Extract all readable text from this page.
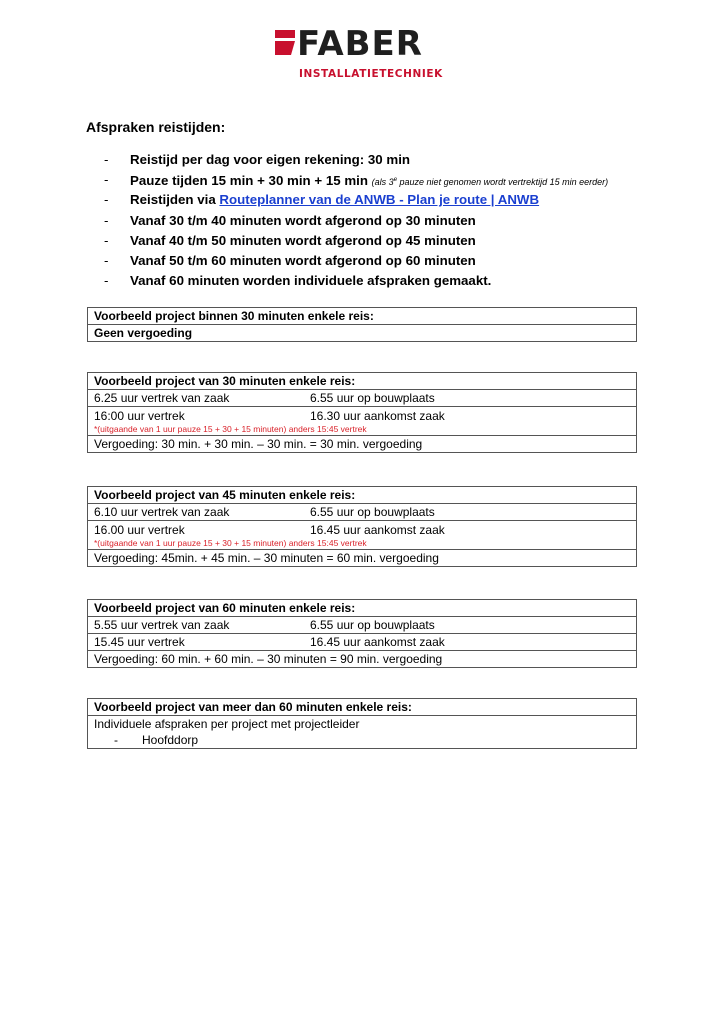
FABER
INSTALLATIETECHNIEK
Afspraken reistijden:
- Reistijd per dag voor eigen rekening: 30 min
- Pauze tijden 15 min + 30 min + 15 min (als 3e pauze niet genomen wordt vertrektijd 15 min eerder)
- Reistijden via Routeplanner van de ANWB - Plan je route | ANWB
- Vanaf 30 t/m 40 minuten wordt afgerond op 30 minuten
- Vanaf 40 t/m 50 minuten wordt afgerond op 45 minuten
- Vanaf 50 t/m 60 minuten wordt afgerond op 60 minuten
- Vanaf 60 minuten worden individuele afspraken gemaakt.
Voorbeeld project binnen 30 minuten enkele reis:
Geen vergoeding
Voorbeeld project van 30 minuten enkele reis:
6.25 uur vertrek van zaak	6.55 uur op bouwplaats
16:00 uur vertrek	16.30 uur aankomst zaak
*(uitgaande van 1 uur pauze 15 + 30 + 15 minuten) anders 15:45 vertrek
Vergoeding: 30 min. + 30 min. – 30 min. = 30 min. vergoeding
Voorbeeld project van 45 minuten enkele reis:
6.10 uur vertrek van zaak	6.55 uur op bouwplaats
16.00 uur vertrek	16.45 uur aankomst zaak
*(uitgaande van 1 uur pauze 15 + 30 + 15 minuten) anders 15:45 vertrek
Vergoeding: 45min. + 45 min. – 30 minuten = 60 min. vergoeding
Voorbeeld project van 60 minuten enkele reis:
5.55 uur vertrek van zaak	6.55 uur op bouwplaats
15.45 uur vertrek	16.45 uur aankomst zaak
Vergoeding: 60 min. + 60 min. – 30 minuten = 90 min. vergoeding
Voorbeeld project van meer dan 60 minuten enkele reis:
Individuele afspraken per project met projectleider
- Hoofddorp
